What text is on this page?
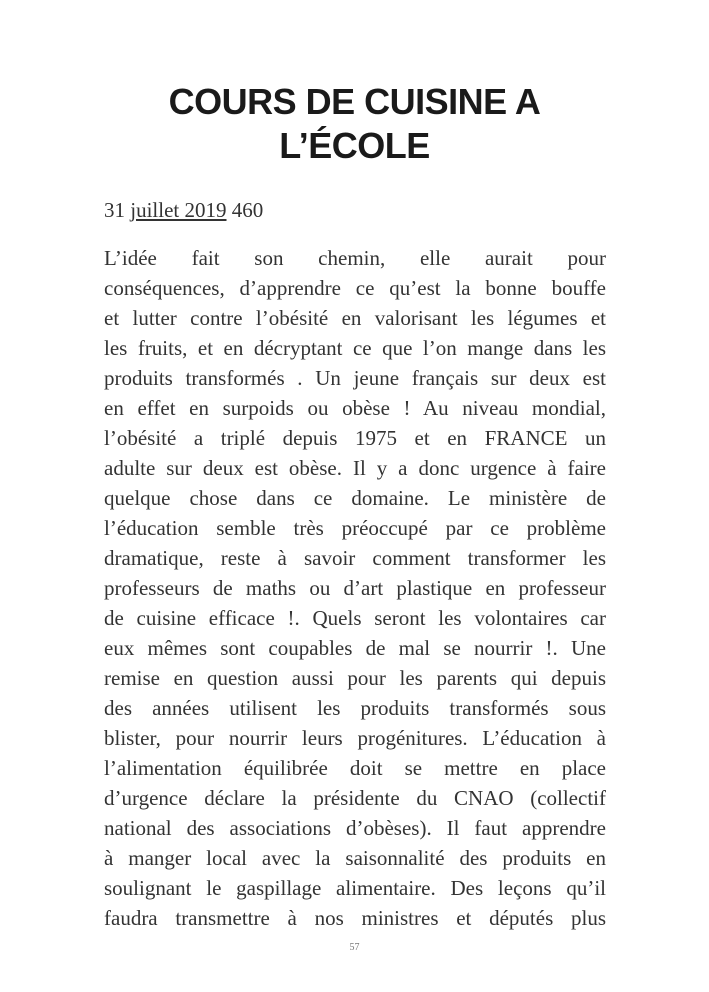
COURS DE CUISINE A
L’ÉCOLE
31 juillet 2019 460
L’idée fait son chemin, elle aurait pour
conséquences, d’apprendre ce qu’est la bonne bouffe
et lutter contre l’obésité en valorisant les légumes et
les fruits, et en décryptant ce que l’on mange dans les
produits transformés . Un jeune français sur deux est
en effet en surpoids ou obèse ! Au niveau mondial,
l’obésité a triplé depuis 1975 et en FRANCE un
adulte sur deux est obèse. Il y a donc urgence à faire
quelque chose dans ce domaine. Le ministère de
l’éducation semble très préoccupé par ce problème
dramatique, reste à savoir comment transformer les
professeurs de maths ou d’art plastique en professeur
de cuisine efficace !. Quels seront les volontaires car
eux mêmes sont coupables de mal se nourrir !. Une
remise en question aussi pour les parents qui depuis
des années utilisent les produits transformés sous
blister, pour nourrir leurs progénitures. L’éducation à
l’alimentation équilibrée doit se mettre en place
d’urgence déclare la présidente du CNAO (collectif
national des associations d’obèses). Il faut apprendre
à manger local avec la saisonnalité des produits en
soulignant le gaspillage alimentaire. Des leçons qu’il
faudra transmettre à nos ministres et députés plus
57
